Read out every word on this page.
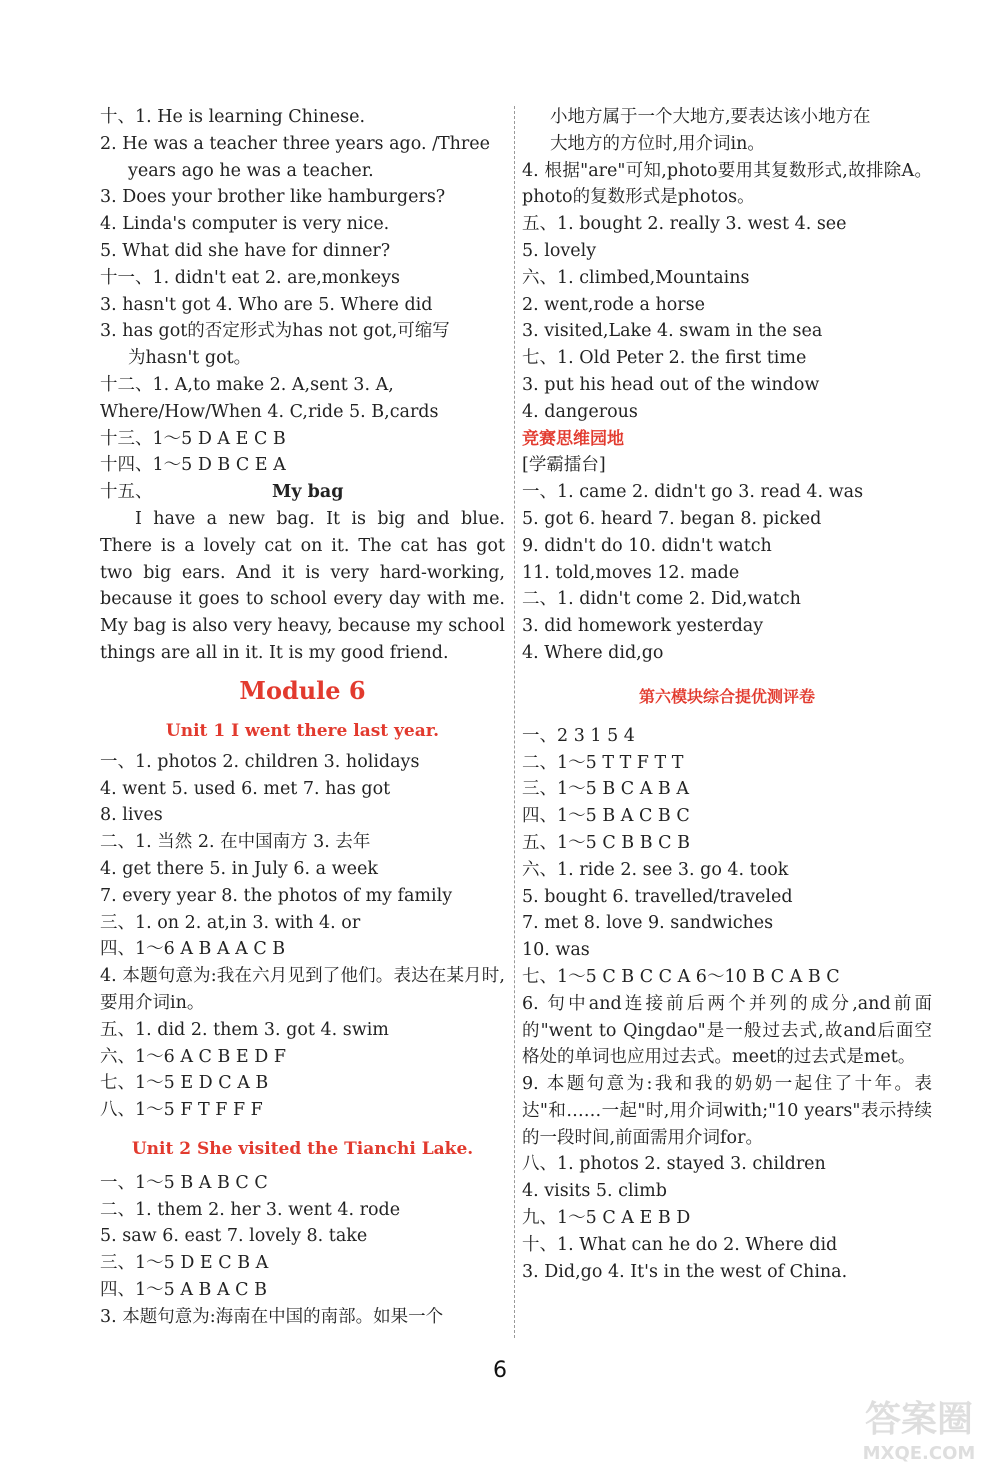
十、1. He is learning Chinese.
2. He was a teacher three years ago. /Three
years ago he was a teacher.
3. Does your brother like hamburgers?
4. Linda's computer is very nice.
5. What did she have for dinner?
十一、1. didn't eat 2. are,monkeys
3. hasn't got 4. Who are 5. Where did
3. has got的否定形式为has not got,可缩写
为hasn't got。
十二、1. A,to make 2. A,sent 3. A,
Where/How/When 4. C,ride 5. B,cards
十三、1～5 D A E C B
十四、1～5 D B C E A
十五、	My bag
I have a new bag. It is big and blue. There is a lovely cat on it. The cat has got two big ears. And it is very hard-working, because it goes to school every day with me. My bag is also very heavy, because my school things are all in it. It is my good friend.
Module 6
Unit 1 I went there last year.
一、1. photos 2. children 3. holidays
4. went 5. used 6. met 7. has got
8. lives
二、1. 当然 2. 在中国南方 3. 去年
4. get there 5. in July 6. a week
7. every year 8. the photos of my family
三、1. on 2. at,in 3. with 4. or
四、1～6 A B A A C B
4. 本题句意为:我在六月见到了他们。表达在某月时,要用介词in。
五、1. did 2. them 3. got 4. swim
六、1～6 A C B E D F
七、1～5 E D C A B
八、1～5 F T F F F
Unit 2 She visited the Tianchi Lake.
一、1～5 B A B C C
二、1. them 2. her 3. went 4. rode
5. saw 6. east 7. lovely 8. take
三、1～5 D E C B A
四、1～5 A B A C B
3. 本题句意为:海南在中国的南部。如果一个
小地方属于一个大地方,要表达该小地方在
大地方的方位时,用介词in。
4. 根据"are"可知,photo要用其复数形式,故排除A。photo的复数形式是photos。
五、1. bought 2. really 3. west 4. see
5. lovely
六、1. climbed,Mountains
2. went,rode a horse
3. visited,Lake 4. swam in the sea
七、1. Old Peter 2. the first time
3. put his head out of the window
4. dangerous
竞赛思维园地
[学霸擂台]
一、1. came 2. didn't go 3. read 4. was
5. got 6. heard 7. began 8. picked
9. didn't do 10. didn't watch
11. told,moves 12. made
二、1. didn't come 2. Did,watch
3. did homework yesterday
4. Where did,go
第六模块综合提优测评卷
一、2 3 1 5 4
二、1～5 T T F T T
三、1～5 B C A B A
四、1～5 B A C B C
五、1～5 C B B C B
六、1. ride 2. see 3. go 4. took
5. bought 6. travelled/traveled
7. met 8. love 9. sandwiches
10. was
七、1～5 C B C C A 6～10 B C A B C
6. 句中and连接前后两个并列的成分,and前面的"went to Qingdao"是一般过去式,故and后面空格处的单词也应用过去式。meet的过去式是met。
9. 本题句意为:我和我的奶奶一起住了十年。表达"和……一起"时,用介词with;"10 years"表示持续的一段时间,前面需用介词for。
八、1. photos 2. stayed 3. children
4. visits 5. climb
九、1～5 C A E B D
十、1. What can he do 2. Where did
3. Did,go 4. It's in the west of China.
6
答案圈
MXQE.COM
